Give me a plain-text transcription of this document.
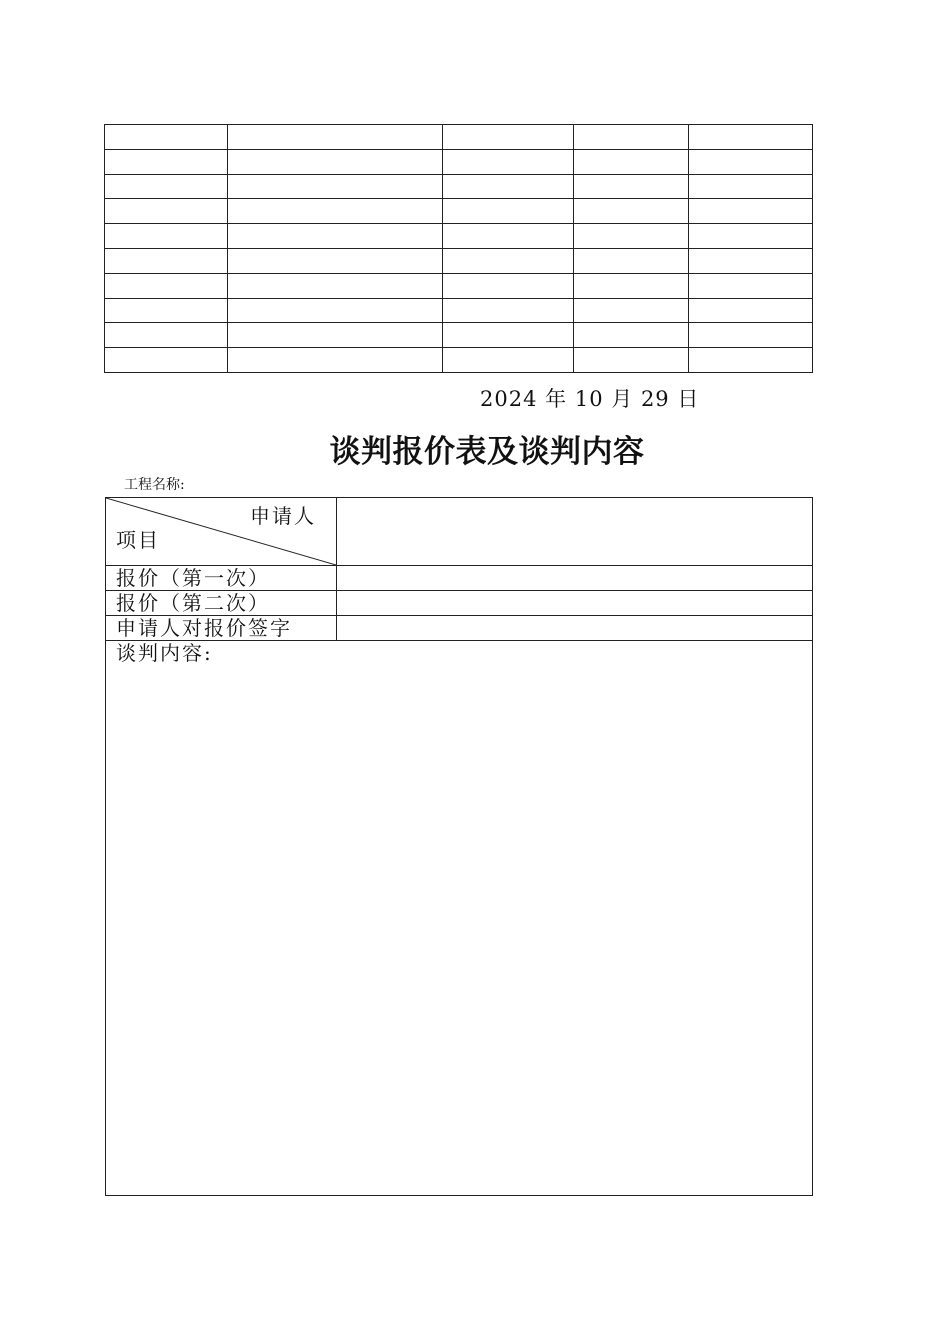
2024 年 10 月 29 日
谈判报价表及谈判内容
工程名称:
申请人
项目	

报价（第一次）	
报价（第二次）	
申请人对报价签字	
谈判内容:	
